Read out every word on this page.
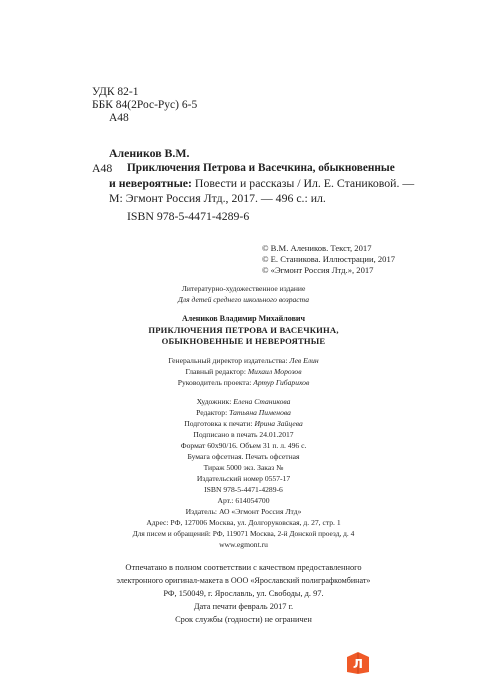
УДК 82-1
ББК 84(2Рос-Рус) 6-5
А48
Алеников В.М.
А48 Приключения Петрова и Васечкина, обыкновенные
и невероятные: Повести и рассказы / Ил. Е. Станиковой. —
М: Эгмонт Россия Лтд., 2017. — 496 с.: ил.
ISBN 978-5-4471-4289-6
© В.М. Алеников. Текст, 2017
© Е. Станикова. Иллюстрации, 2017
© «Эгмонт Россия Лтд.», 2017
Литературно-художественное издание
Для детей среднего школьного возраста
Алеников Владимир Михайлович
ПРИКЛЮЧЕНИЯ ПЕТРОВА И ВАСЕЧКИНА,
ОБЫКНОВЕННЫЕ И НЕВЕРОЯТНЫЕ
Генеральный директор издательства: Лев Елин
Главный редактор: Михаил Морозов
Руководитель проекта: Артур Гибарихов
Художник: Елена Станикова
Редактор: Татьяна Пименова
Подготовка к печати: Ирина Зайцева
Подписано в печать 24.01.2017
Формат 60х90/16. Объем 31 п. л. 496 с.
Бумага офсетная. Печать офсетная
Тираж 5000 экз. Заказ №
Издательский номер 0557-17
ISBN 978-5-4471-4289-6
Арт.: 614054700
Издатель: АО «Эгмонт Россия Лтд»
Адрес: РФ, 127006 Москва, ул. Долгоруковская, д. 27, стр. 1
Для писем и обращений: РФ, 119071 Москва, 2-й Донской проезд, д. 4
www.egmont.ru
Отпечатано в полном соответствии с качеством предоставленного
электронного оригинал-макета в ООО «Ярославский полиграфкомбинат»
РФ, 150049, г. Ярославль, ул. Свободы, д. 97.
Дата печати февраль 2017 г.
Срок службы (годности) не ограничен
Л
